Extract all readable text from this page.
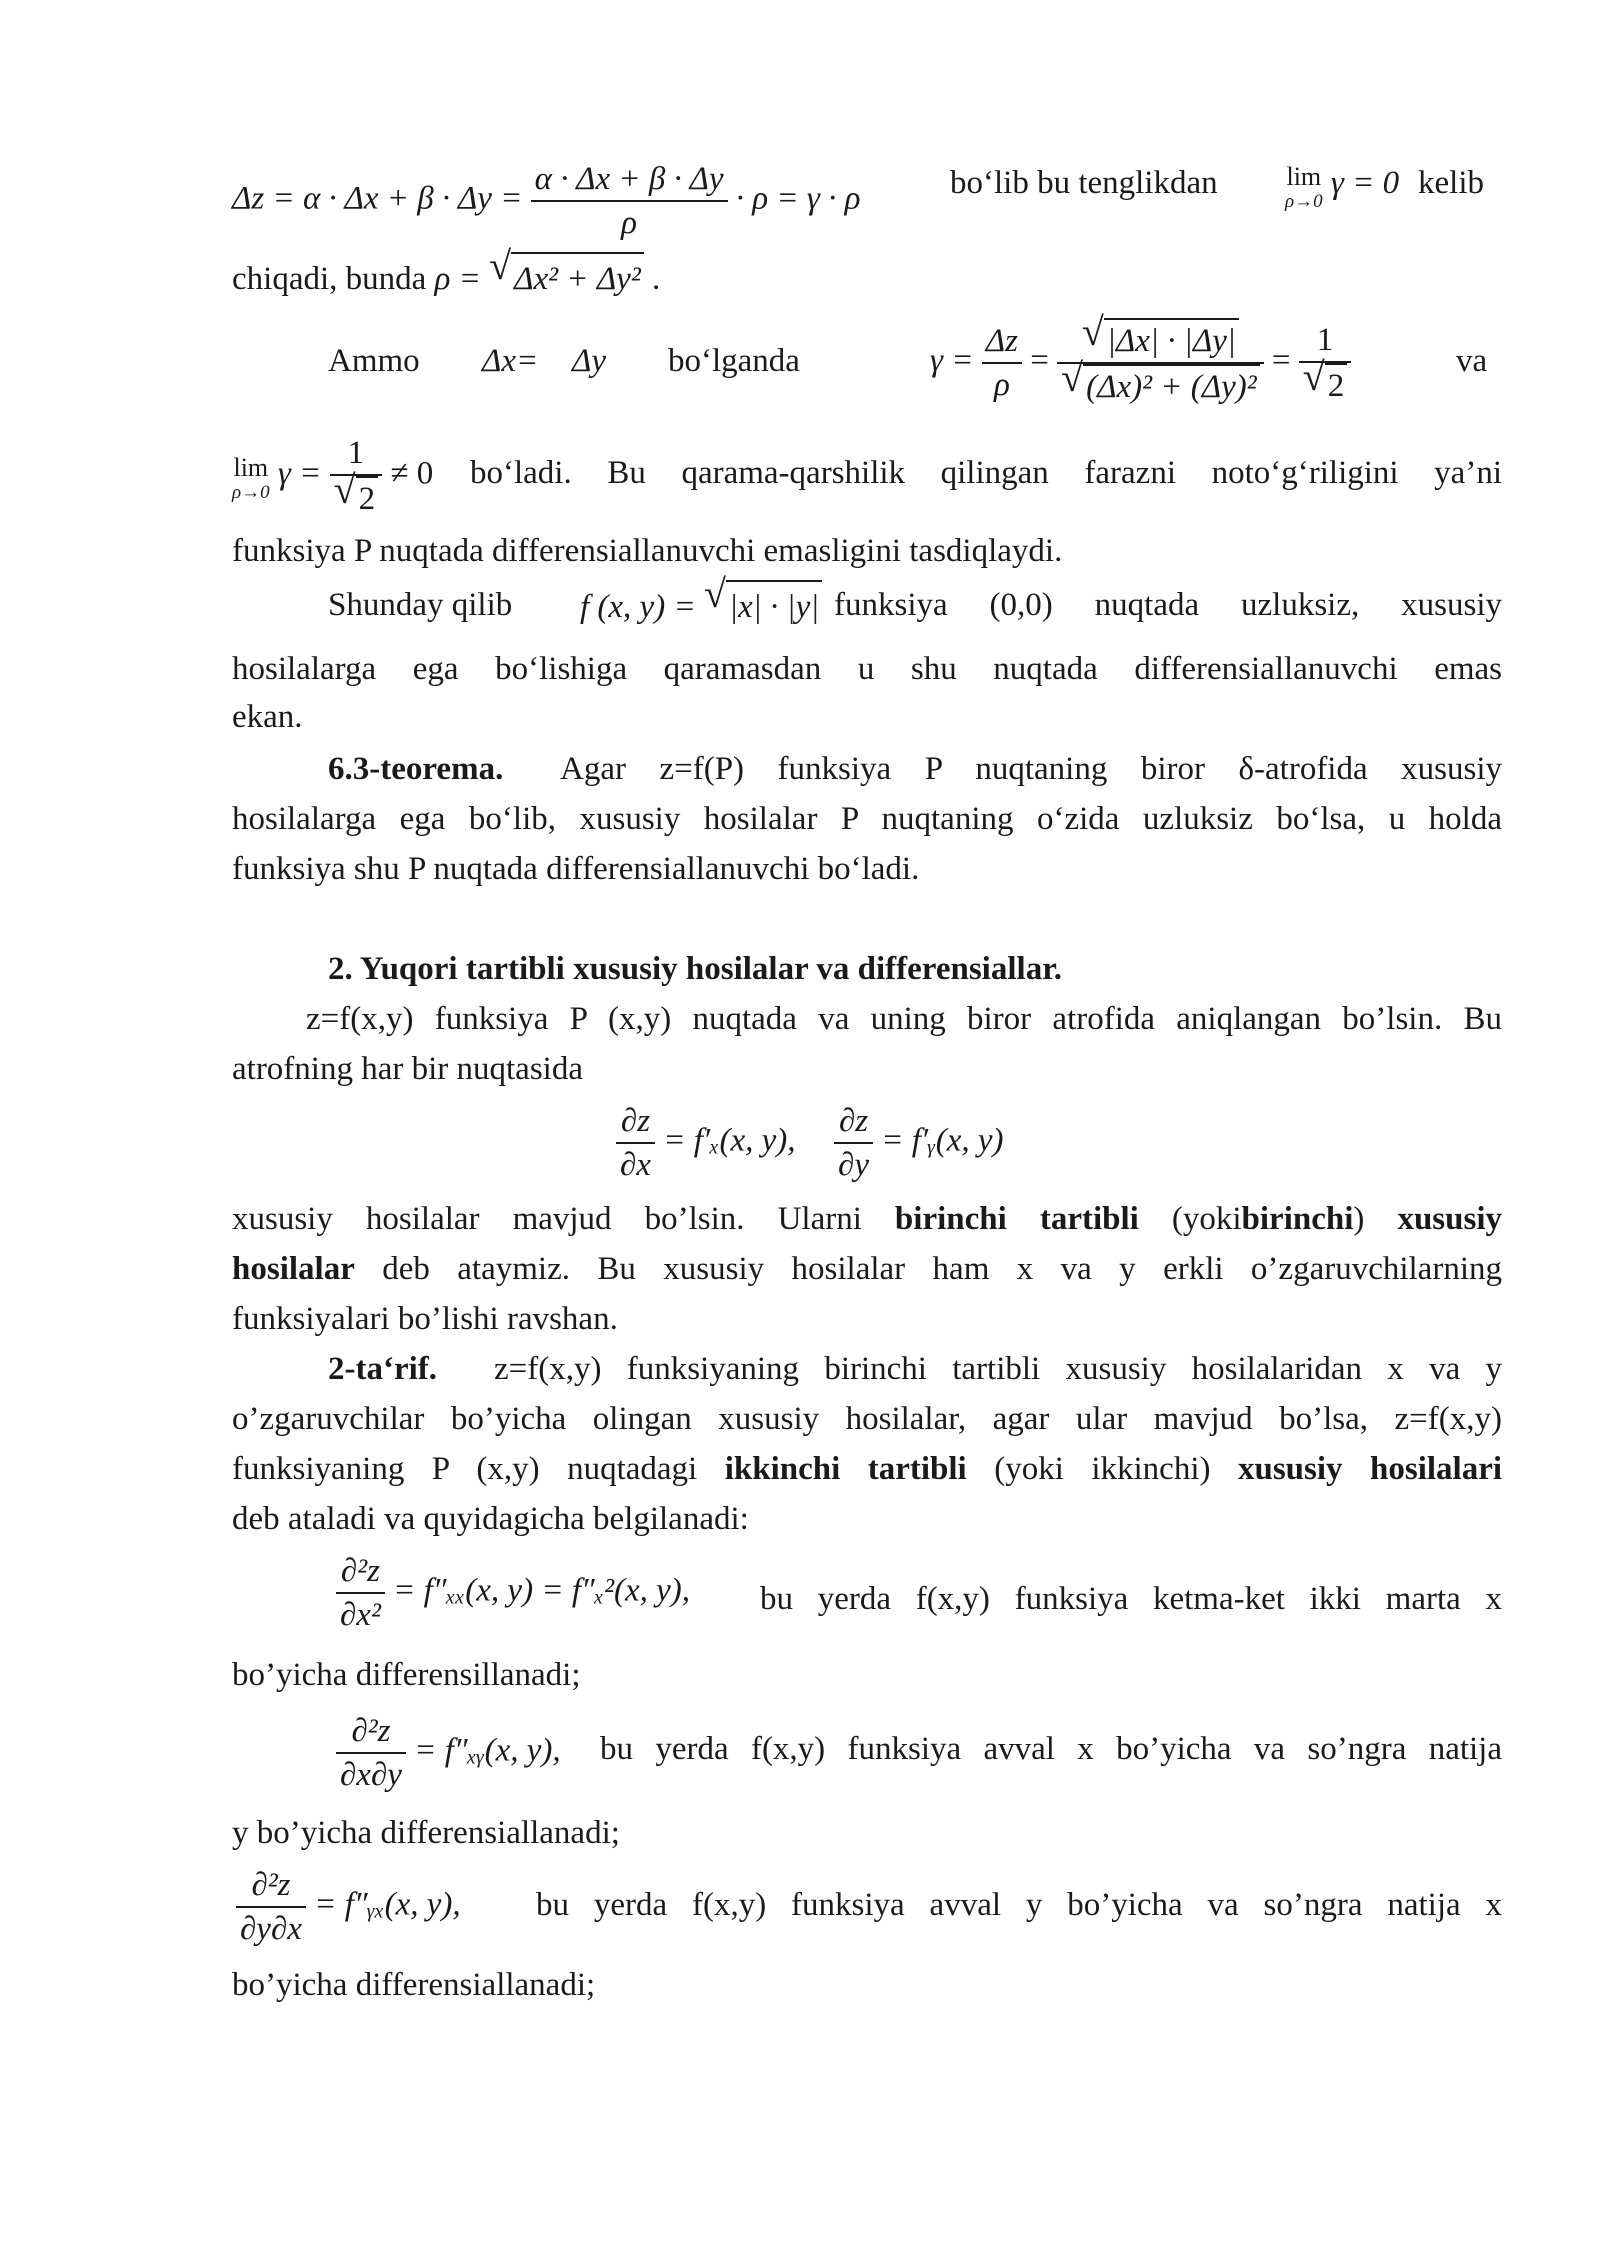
$\Delta z = \alpha \cdot \Delta x + \beta \cdot \Delta y = \frac{\alpha \cdot \Delta x + \beta \cdot \Delta y}{\rho} \cdot \rho = \gamma \cdot \rho$	bo‘lib bu tenglikdan	lim
ρ→0
γ = 0 kelib
chiqadi, bunda ρ = √ Δx² + Δy² .
Ammo Δx= Δy bo‘lganda	$\gamma = \frac{\Delta z}{\rho} = \frac{√ |\Delta x| \cdot |\Delta y|}{\text{√ (Δx)² + (Δy)²}} = \frac{1}{√ 2}$	va
lim
ρ→0
$\gamma = \frac{1}{√ 2} \ne 0$ bo‘ladi. Bu qarama-qarshilik qilingan farazni noto‘g‘riligini ya’ni
funksiya P nuqtada differensiallanuvchi emasligini tasdiqlaydi.
Shunday qilib f (x, y) = √ |x| · |y| funksiya (0,0) nuqtada uzluksiz, xususiy
hosilalarga ega bo‘lishiga qaramasdan u shu nuqtada differensiallanuvchi emas
ekan.
6.3-teorema. Agar z=f(P) funksiya P nuqtaning biror δ-atrofida xususiy
hosilalarga ega bo‘lib, xususiy hosilalar P nuqtaning o‘zida uzluksiz bo‘lsa, u holda
funksiya shu P nuqtada differensiallanuvchi bo‘ladi.
2. Yuqori tartibli xususiy hosilalar va differensiallar.
z=f(x,y) funksiya P (x,y) nuqtada va uning biror atrofida aniqlangan bo’lsin. Bu
atrofning har bir nuqtasida
$\frac{\partial z}{\partial x} = f'_x(x$, y), $\frac{\partial z}{\partial y}$ = f′ᵧ(x, y)
xususiy hosilalar mavjud bo’lsin. Ularni birinchi tartibli (yokibirinchi) xususiy
hosilalar deb ataymiz. Bu xususiy hosilalar ham x va y erkli o’zgaruvchilarning
funksiyalari bo’lishi ravshan.
2-ta‘rif. z=f(x,y) funksiyaning birinchi tartibli xususiy hosilalaridan x va y
o’zgaruvchilar bo’yicha olingan xususiy hosilalar, agar ular mavjud bo’lsa, z=f(x,y)
funksiyaning P (x,y) nuqtadagi ikkinchi tartibli (yoki ikkinchi) xususiy hosilalari
deb ataladi va quyidagicha belgilanadi:
$\frac{\text{∂²z}}{\text{∂x²}} = f''_{xx}(x$, y) = f″ₓ²(x, y), bu yerda f(x,y) funksiya ketma-ket ikki marta x
bo’yicha differensillanadi;
$\frac{\text{∂²z}}{\partial x\partial y}$ = f″ₓᵧ(x, y), bu yerda f(x,y) funksiya avval x bo’yicha va so’ngra natija
y bo’yicha differensiallanadi;
$\frac{\text{∂²z}}{\partial y\partial x}$ = f″ᵧₓ(x, y), bu yerda f(x,y) funksiya avval y bo’yicha va so’ngra natija x
bo’yicha differensiallanadi;
